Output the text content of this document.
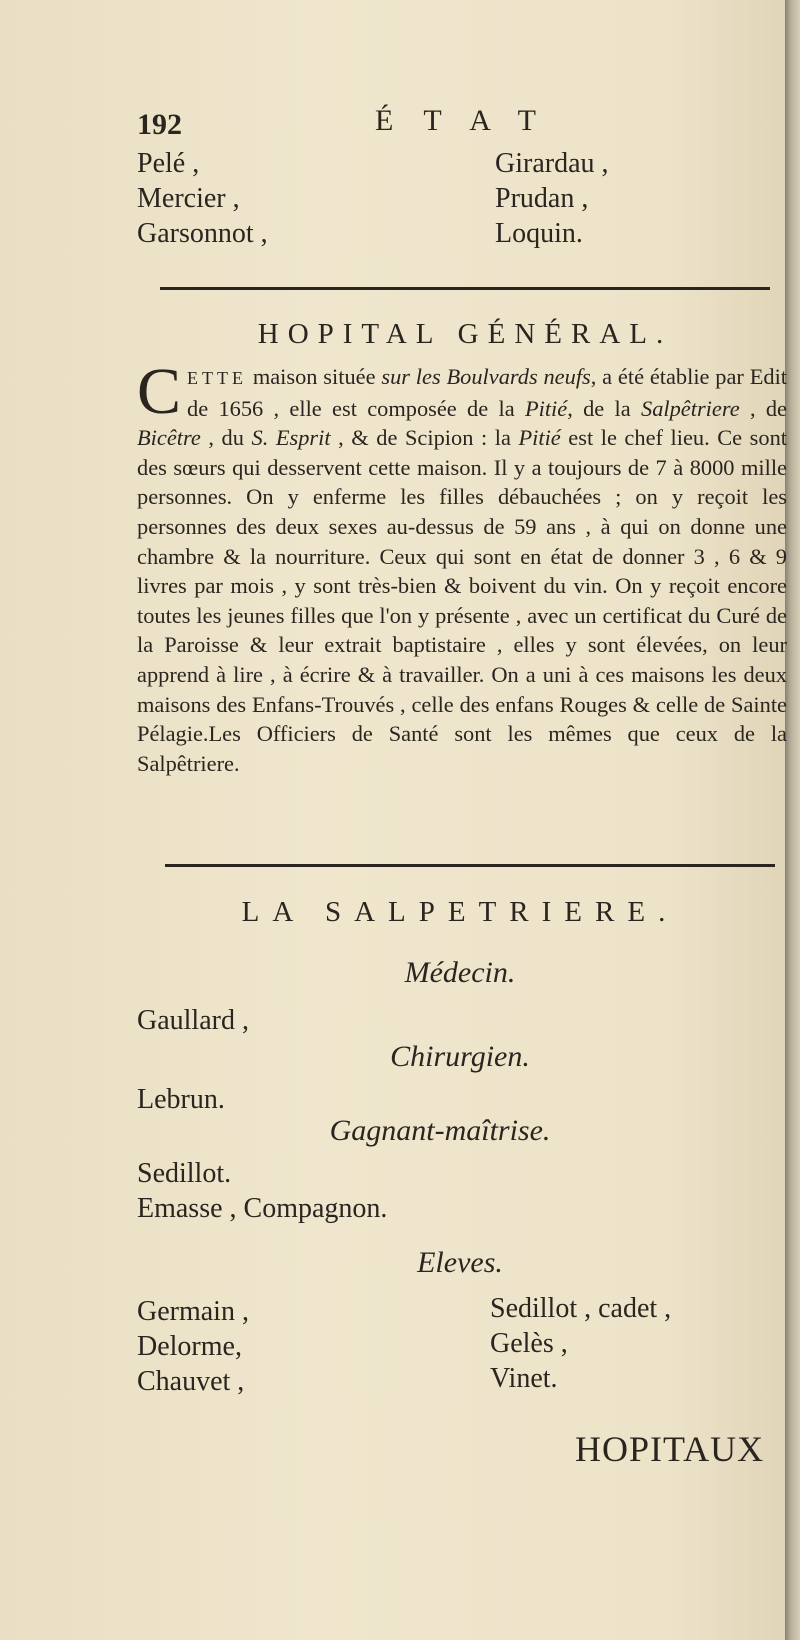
192	ÉTAT
Pelé ,
Mercier ,
Garsonnot ,
Girardau ,
Prudan ,
Loquin.
HOPITAL GÉNÉRAL.
CETTE maison située sur les Boulvards neufs, a été établie par Edit de 1656 , elle est composée de la Pitié, de la Salpêtriere , de Bicêtre , du S. Esprit , & de Scipion : la Pitié est le chef lieu. Ce sont des sœurs qui desservent cette maison. Il y a toujours de 7 à 8000 mille personnes. On y enferme les filles débauchées ; on y reçoit les personnes des deux sexes au-dessus de 59 ans , à qui on donne une chambre & la nourriture. Ceux qui sont en état de donner 3 , 6 & 9 livres par mois , y sont très-bien & boivent du vin. On y reçoit encore toutes les jeunes filles que l'on y présente , avec un certificat du Curé de la Paroisse & leur extrait baptistaire , elles y sont élevées, on leur apprend à lire , à écrire & à travailler. On a uni à ces maisons les deux maisons des Enfans-Trouvés , celle des enfans Rouges & celle de Sainte Pélagie.Les Officiers de Santé sont les mêmes que ceux de la Salpêtriere.
LA SALPETRIERE.
Médecin.
Gaullard ,
Chirurgien.
Lebrun.
Gagnant-maîtrise.
Sedillot.
Emasse , Compagnon.
Eleves.
Germain ,
Delorme,
Chauvet ,
Sedillot , cadet ,
Gelès ,
Vinet.
HOPITAUX
